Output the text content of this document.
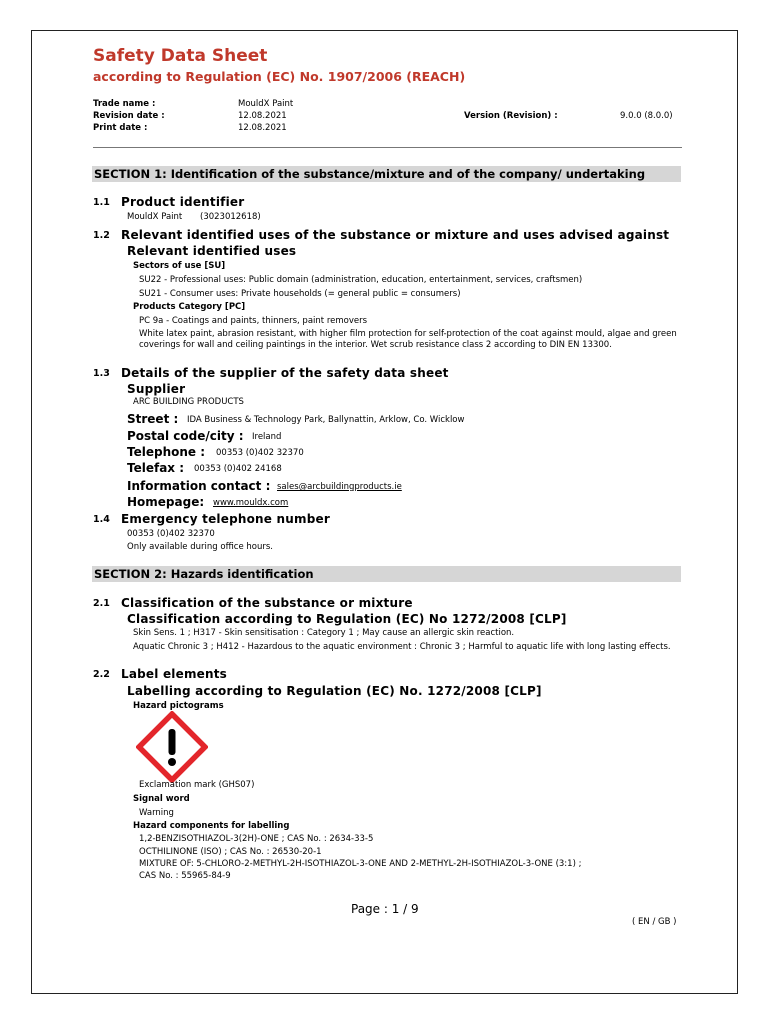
Safety Data Sheet
according to Regulation (EC) No. 1907/2006 (REACH)
Trade name :	MouldX Paint
Revision date :	12.08.2021
Print date :	12.08.2021
Version (Revision) :	9.0.0 (8.0.0)
SECTION 1: Identification of the substance/mixture and of the company/ undertaking
1.1 Product identifier
MouldX Paint (3023012618)
1.2 Relevant identified uses of the substance or mixture and uses advised against
Relevant identified uses
Sectors of use [SU]
SU22 - Professional uses: Public domain (administration, education, entertainment, services, craftsmen)
SU21 - Consumer uses: Private households (= general public = consumers)
Products Category [PC]
PC 9a - Coatings and paints, thinners, paint removers
White latex paint, abrasion resistant, with higher film protection for self-protection of the coat against mould, algae and green coverings for wall and ceiling paintings in the interior. Wet scrub resistance class 2 according to DIN EN 13300.
1.3 Details of the supplier of the safety data sheet
Supplier
ARC BUILDING PRODUCTS
Street : IDA Business & Technology Park, Ballynattin, Arklow, Co. Wicklow
Postal code/city : Ireland
Telephone : 00353 (0)402 32370
Telefax : 00353 (0)402 24168
Information contact : sales@arcbuildingproducts.ie
Homepage: www.mouldx.com
1.4 Emergency telephone number
00353 (0)402 32370
Only available during office hours.
SECTION 2: Hazards identification
2.1 Classification of the substance or mixture
Classification according to Regulation (EC) No 1272/2008 [CLP]
Skin Sens. 1 ; H317 - Skin sensitisation : Category 1 ; May cause an allergic skin reaction.
Aquatic Chronic 3 ; H412 - Hazardous to the aquatic environment : Chronic 3 ; Harmful to aquatic life with long lasting effects.
2.2 Label elements
Labelling according to Regulation (EC) No. 1272/2008 [CLP]
Hazard pictograms
Exclamation mark (GHS07)
Signal word
Warning
Hazard components for labelling
1,2-BENZISOTHIAZOL-3(2H)-ONE ; CAS No. : 2634-33-5
OCTHILINONE (ISO) ; CAS No. : 26530-20-1
MIXTURE OF: 5-CHLORO-2-METHYL-2H-ISOTHIAZOL-3-ONE AND 2-METHYL-2H-ISOTHIAZOL-3-ONE (3:1) ;
CAS No. : 55965-84-9
Page : 1 / 9
( EN / GB )
